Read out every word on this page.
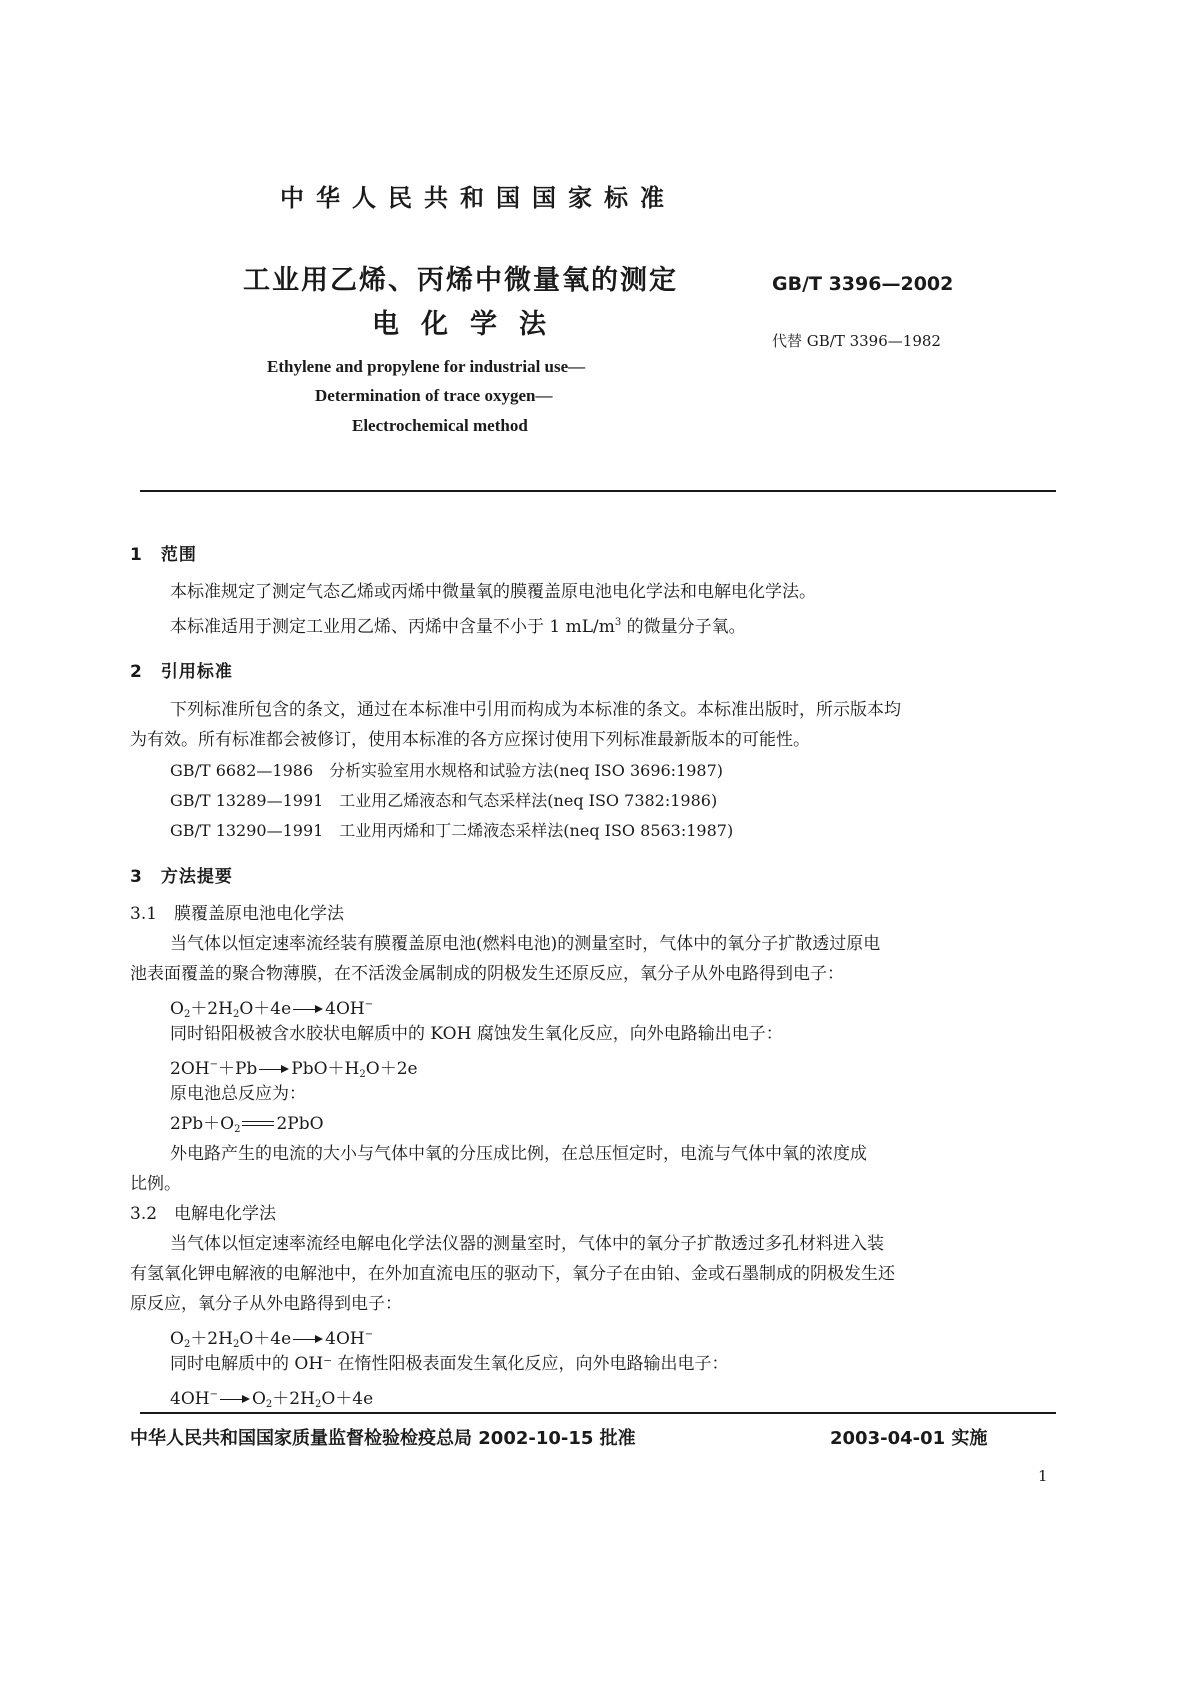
中华人民共和国国家标准
工业用乙烯、丙烯中微量氧的测定
电化学法
GB/T 3396—2002
代替 GB/T 3396—1982
Ethylene and propylene for industrial use—
Determination of trace oxygen—
Electrochemical method
1　范围
本标准规定了测定气态乙烯或丙烯中微量氧的膜覆盖原电池电化学法和电解电化学法。
本标准适用于测定工业用乙烯、丙烯中含量不小于 1 $mL/m^3$ 的微量分子氧。
2　引用标准
下列标准所包含的条文，通过在本标准中引用而构成为本标准的条文。本标准出版时，所示版本均
为有效。所有标准都会被修订，使用本标准的各方应探讨使用下列标准最新版本的可能性。
GB/T 6682—1986　分析实验室用水规格和试验方法(neq ISO 3696:1987)
GB/T 13289—1991　工业用乙烯液态和气态采样法(neq ISO 7382:1986)
GB/T 13290—1991　工业用丙烯和丁二烯液态采样法(neq ISO 8563:1987)
3　方法提要
3.1　膜覆盖原电池电化学法
当气体以恒定速率流经装有膜覆盖原电池(燃料电池)的测量室时，气体中的氧分子扩散透过原电
池表面覆盖的聚合物薄膜，在不活泼金属制成的阴极发生还原反应，氧分子从外电路得到电子：
$O_2+2H_2O+4e$ 4OH−
同时铅阳极被含水胶状电解质中的 KOH 腐蚀发生氧化反应，向外电路输出电子：
2OH−＋Pb $PbO+H_2O+2e$
原电池总反应为：
$2Pb+O_2$ 2PbO
外电路产生的电流的大小与气体中氧的分压成比例，在总压恒定时，电流与气体中氧的浓度成
比例。
3.2　电解电化学法
当气体以恒定速率流经电解电化学法仪器的测量室时，气体中的氧分子扩散透过多孔材料进入装
有氢氧化钾电解液的电解池中，在外加直流电压的驱动下，氧分子在由铂、金或石墨制成的阴极发生还
原反应，氧分子从外电路得到电子：
$O_2+2H_2O+4e$ 4OH−
同时电解质中的 OH⁻ 在惰性阳极表面发生氧化反应，向外电路输出电子：
4OH− $O_2+2H_2O+4e$
中华人民共和国国家质量监督检验检疫总局 2002-10-15 批准	2003-04-01 实施
1
